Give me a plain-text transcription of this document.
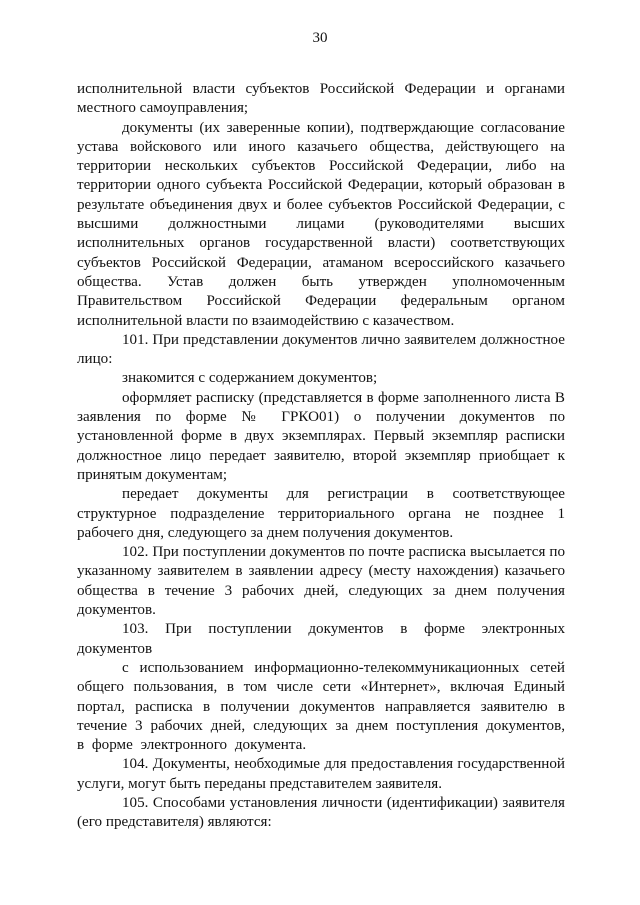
30

исполнительной власти субъектов Российской Федерации и органами местного самоуправления;

документы (их заверенные копии), подтверждающие согласование устава войскового или иного казачьего общества, действующего на территории нескольких субъектов Российской Федерации, либо на территории одного субъекта Российской Федерации, который образован в результате объединения двух и более субъектов Российской Федерации, с высшими должностными лицами (руководителями высших исполнительных органов государственной власти) соответствующих субъектов Российской Федерации, атаманом всероссийского казачьего общества. Устав должен быть утвержден уполномоченным Правительством Российской Федерации федеральным органом исполнительной власти по взаимодействию с казачеством.

101. При представлении документов лично заявителем должностное лицо:

знакомится с содержанием документов;

оформляет расписку (представляется в форме заполненного листа В заявления по форме № ГРКО01) о получении документов по установленной форме в двух экземплярах. Первый экземпляр расписки должностное лицо передает заявителю, второй экземпляр приобщает к принятым документам;

передает документы для регистрации в соответствующее структурное подразделение территориального органа не позднее 1 рабочего дня, следующего за днем получения документов.

102. При поступлении документов по почте расписка высылается по указанному заявителем в заявлении адресу (месту нахождения) казачьего общества в течение 3 рабочих дней, следующих за днем получения документов.

103. При поступлении документов в форме электронных документов

с использованием информационно-телекоммуникационных сетей общего пользования, в том числе сети «Интернет», включая Единый портал, расписка в получении документов направляется заявителю в течение 3 рабочих дней, следующих за днем поступления документов, в форме электронного документа.

104. Документы, необходимые для предоставления государственной услуги, могут быть переданы представителем заявителя.

105. Способами установления личности (идентификации) заявителя (его представителя) являются:
